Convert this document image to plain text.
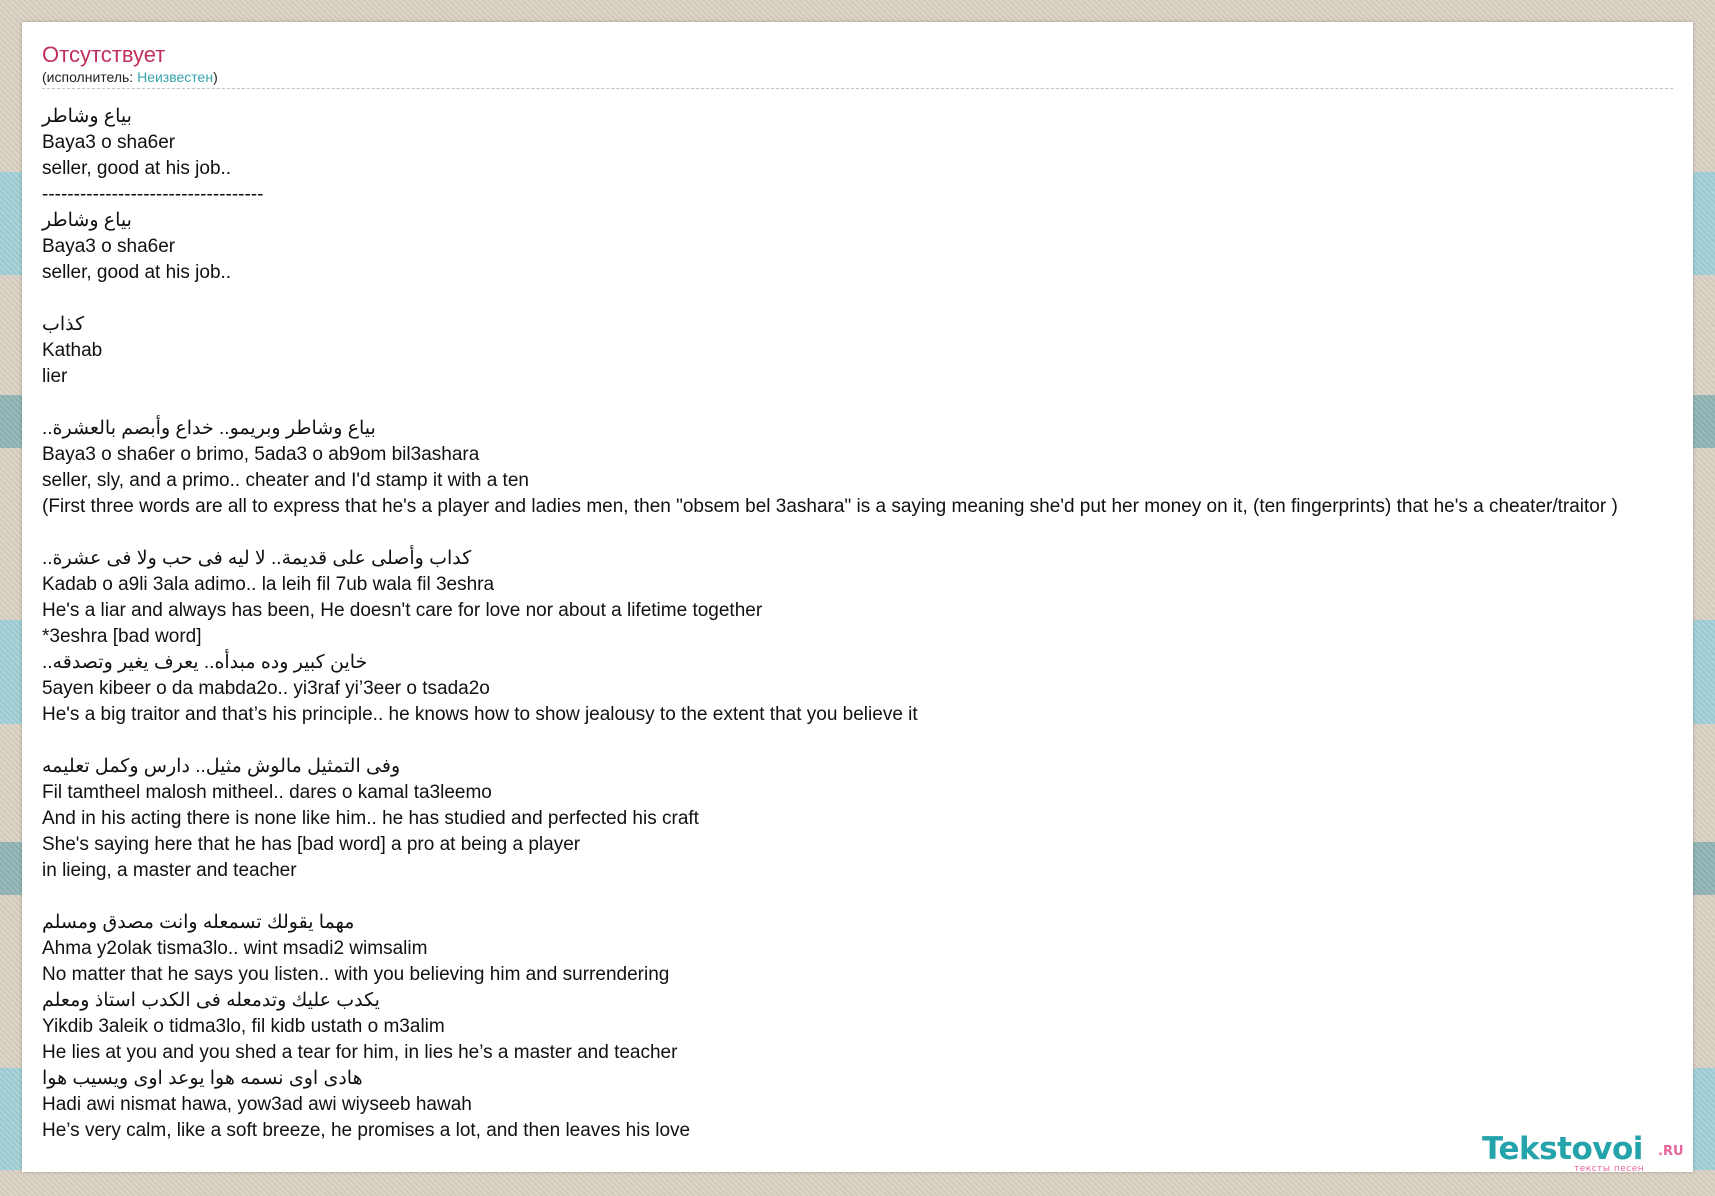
Отсутствует
(исполнитель: Неизвестен)
بياع وشاطر
Baya3 o sha6er
seller, good at his job..
-----------------------------------
بياع وشاطر
Baya3 o sha6er
seller, good at his job..
كذاب
Kathab
lier
بياع وشاطر وبريمو.. خداع وأبصم بالعشرة..
Baya3 o sha6er o brimo, 5ada3 o ab9om bil3ashara
seller, sly, and a primo.. cheater and I'd stamp it with a ten
(First three words are all to express that he's a player and ladies men, then "obsem bel 3ashara" is a saying meaning she'd put her money on it, (ten fingerprints) that he's a cheater/traitor )
كداب وأصلى على قديمة.. لا ليه فى حب ولا فى عشرة..
Kadab o a9li 3ala adimo.. la leih fil 7ub wala fil 3eshra
He's a liar and always has been, He doesn't care for love nor about a lifetime together
*3eshra [bad word]
خاين كبير وده مبدأه.. يعرف يغير وتصدقه..
5ayen kibeer o da mabda2o.. yi3raf yi’3eer o tsada2o
He's a big traitor and that’s his principle.. he knows how to show jealousy to the extent that you believe it
وفى التمثيل مالوش مثيل.. دارس وكمل تعليمه
Fil tamtheel malosh mitheel.. dares o kamal ta3leemo
And in his acting there is none like him.. he has studied and perfected his craft
She's saying here that he has [bad word] a pro at being a player
in lieing, a master and teacher
مهما يقولك تسمعله وانت مصدق ومسلم
Ahma y2olak tisma3lo.. wint msadi2 wimsalim
No matter that he says you listen.. with you believing him and surrendering
يكدب عليك وتدمعله فى الكدب استاذ ومعلم
Yikdib 3aleik o tidma3lo, fil kidb ustath o m3alim
He lies at you and you shed a tear for him, in lies he’s a master and teacher
هادى اوى نسمه هوا يوعد اوى ويسيب هوا
Hadi awi nismat hawa, yow3ad awi wiyseeb hawah
He’s very calm, like a soft breeze, he promises a lot, and then leaves his love
Tekstovoi .RU
тексты песен
